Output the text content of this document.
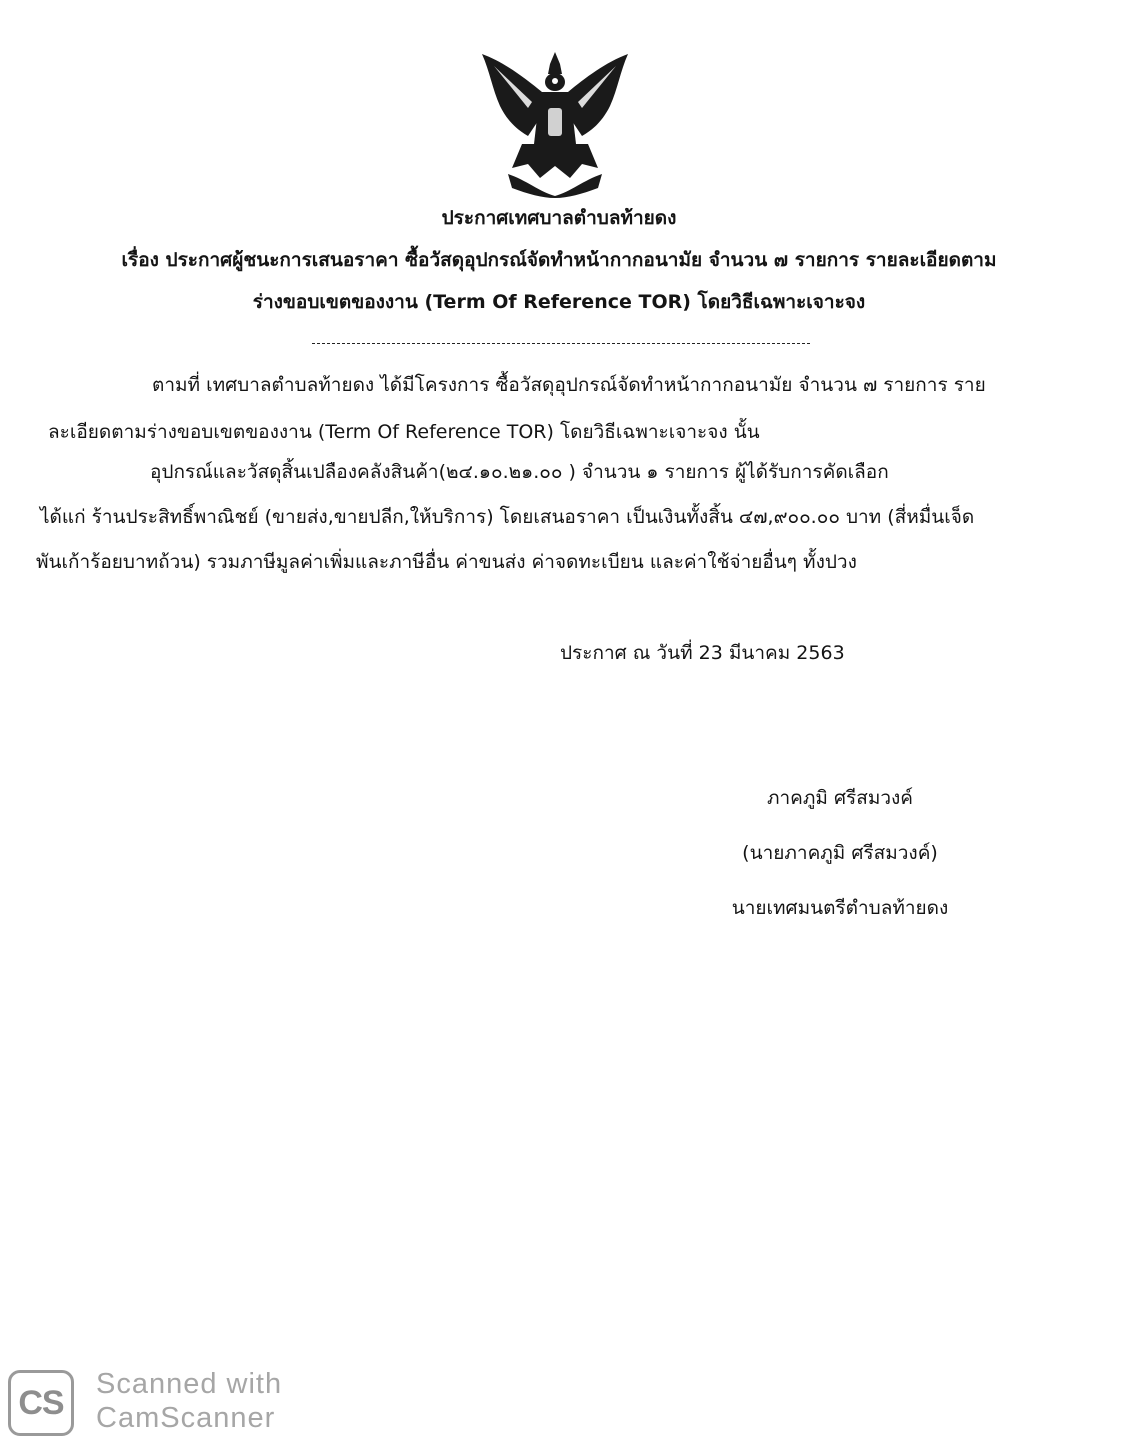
ประกาศเทศบาลตำบลท้ายดง
เรื่อง ประกาศผู้ชนะการเสนอราคา ซื้อวัสดุอุปกรณ์จัดทำหน้ากากอนามัย จำนวน ๗ รายการ รายละเอียดตาม
ร่างขอบเขตของงาน (Term Of Reference TOR) โดยวิธีเฉพาะเจาะจง
ตามที่ เทศบาลตำบลท้ายดง ได้มีโครงการ ซื้อวัสดุอุปกรณ์จัดทำหน้ากากอนามัย จำนวน ๗ รายการ ราย
ละเอียดตามร่างขอบเขตของงาน (Term Of Reference TOR) โดยวิธีเฉพาะเจาะจง นั้น
อุปกรณ์และวัสดุสิ้นเปลืองคลังสินค้า(๒๔.๑๐.๒๑.๐๐ ) จำนวน ๑ รายการ ผู้ได้รับการคัดเลือก
ได้แก่ ร้านประสิทธิ์พาณิชย์ (ขายส่ง,ขายปลีก,ให้บริการ) โดยเสนอราคา เป็นเงินทั้งสิ้น ๔๗,๙๐๐.๐๐ บาท (สี่หมื่นเจ็ด
พันเก้าร้อยบาทถ้วน) รวมภาษีมูลค่าเพิ่มและภาษีอื่น ค่าขนส่ง ค่าจดทะเบียน และค่าใช้จ่ายอื่นๆ ทั้งปวง
ประกาศ ณ วันที่ 23 มีนาคม 2563
ภาคภูมิ ศรีสมวงค์
(นายภาคภูมิ ศรีสมวงค์)
นายเทศมนตรีตำบลท้ายดง
CS	Scanned with
CamScanner
